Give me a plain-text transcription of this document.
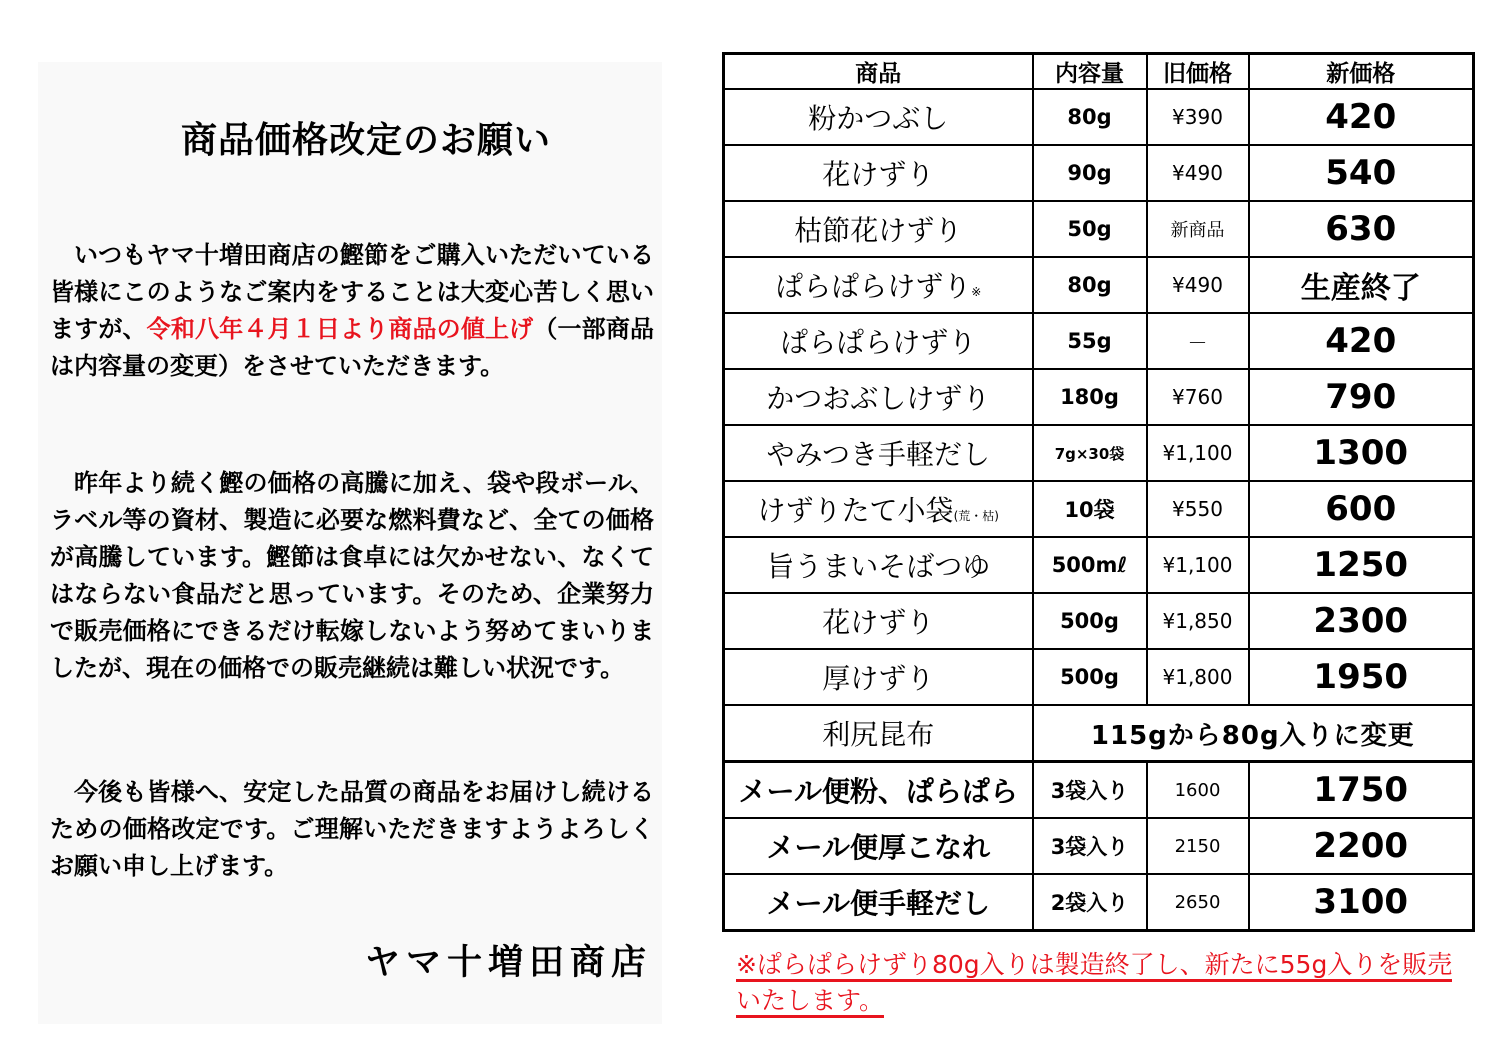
商品価格改定のお願い

いつもヤマ十増田商店の鰹節をご購入いただいている皆様にこのようなご案内をすることは大変心苦しく思いますが、令和八年４月１日より商品の値上げ（一部商品は内容量の変更）をさせていただきます。

昨年より続く鰹の価格の高騰に加え、袋や段ボール、ラベル等の資材、製造に必要な燃料費など、全ての価格が高騰しています。鰹節は食卓には欠かせない、なくてはならない食品だと思っています。そのため、企業努力で販売価格にできるだけ転嫁しないよう努めてまいりましたが、現在の価格での販売継続は難しい状況です。

今後も皆様へ、安定した品質の商品をお届けし続けるための価格改定です。ご理解いただきますようよろしくお願い申し上げます。

ヤマ十増田商店
商品	内容量	旧価格	新価格
粉かつぶし	80g	¥390	420
花けずり	90g	¥490	540
枯節花けずり	50g	新商品	630
ぱらぱらけずり※	80g	¥490	生産終了
ぱらぱらけずり	55g	－	420
かつおぶしけずり	180g	¥760	790
やみつき手軽だし	7g×30袋	¥1,100	1300
けずりたて小袋(荒・枯)	10袋	¥550	600
旨うまいそばつゆ	500mℓ	¥1,100	1250
花けずり	500g	¥1,850	2300
厚けずり	500g	¥1,800	1950
利尻昆布	115gから80g入りに変更		
メール便粉、ぱらぱら	3袋入り	1600	1750
メール便厚こなれ	3袋入り	2150	2200
メール便手軽だし	2袋入り	2650	3100
※ぱらぱらけずり80g入りは製造終了し、新たに55g入りを販売いたします。
